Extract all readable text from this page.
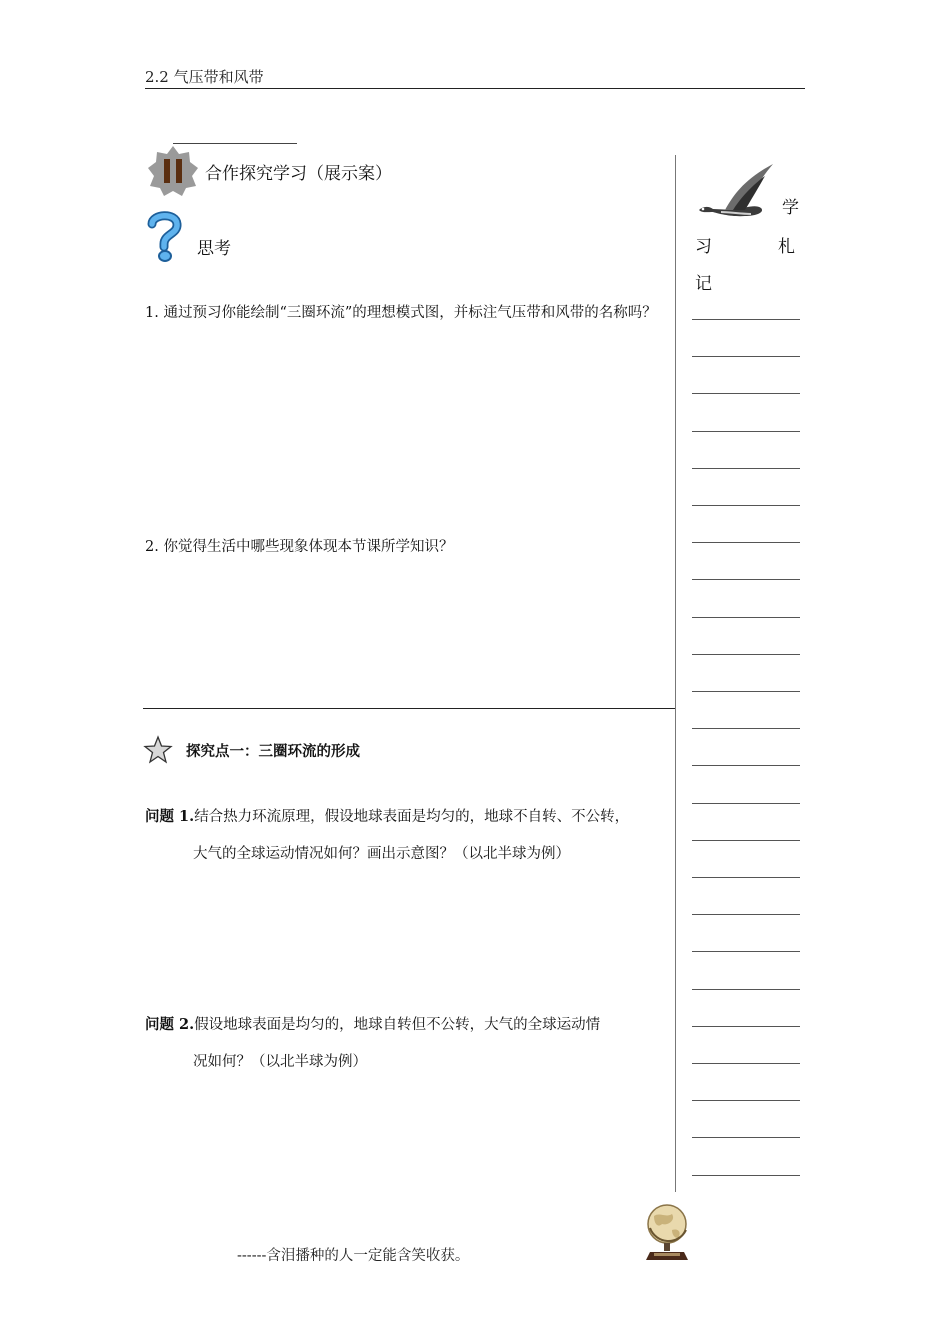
2.2 气压带和风带
合作探究学习（展示案）
思考
1. 通过预习你能绘制“三圈环流”的理想模式图，并标注气压带和风带的名称吗？
2. 你觉得生活中哪些现象体现本节课所学知识？
探究点一：三圈环流的形成
问题 1.结合热力环流原理，假设地球表面是均匀的，地球不自转、不公转，
大气的全球运动情况如何？画出示意图？（以北半球为例）
问题 2.假设地球表面是均匀的，地球自转但不公转，大气的全球运动情
况如何？（以北半球为例）
学
习	札
记
------含泪播种的人一定能含笑收获。
